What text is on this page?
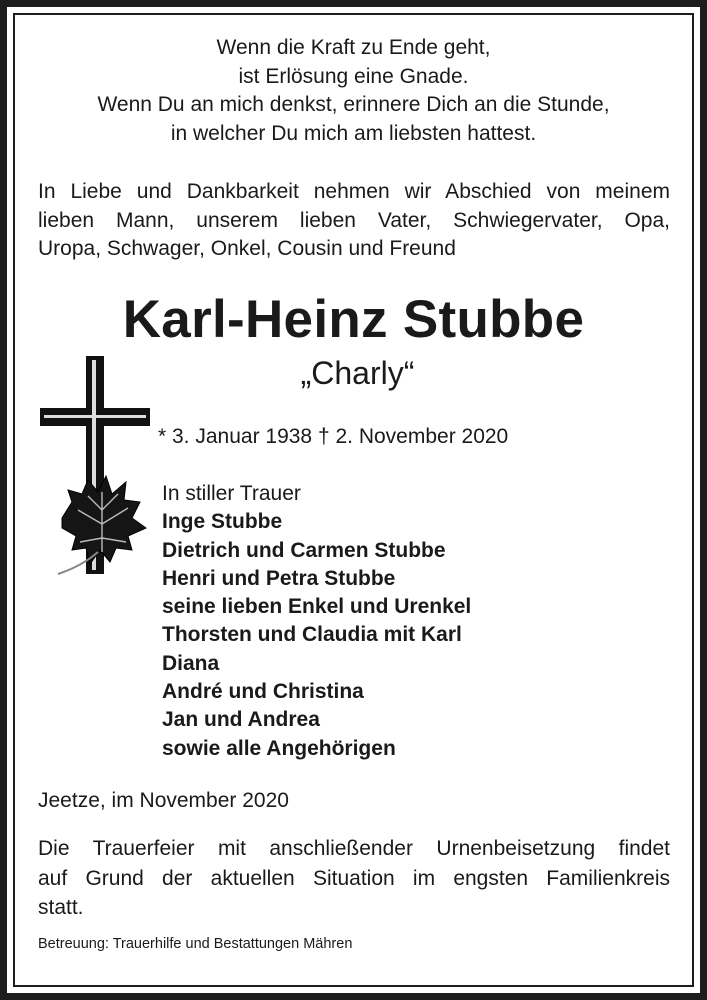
Wenn die Kraft zu Ende geht,
ist Erlösung eine Gnade.
Wenn Du an mich denkst, erinnere Dich an die Stunde,
in welcher Du mich am liebsten hattest.
In Liebe und Dankbarkeit nehmen wir Abschied von meinem
lieben Mann, unserem lieben Vater, Schwiegervater, Opa,
Uropa, Schwager, Onkel, Cousin und Freund
Karl-Heinz Stubbe
„Charly“
* 3. Januar 1938 † 2. November 2020
In stiller Trauer
Inge Stubbe
Dietrich und Carmen Stubbe
Henri und Petra Stubbe
seine lieben Enkel und Urenkel
Thorsten und Claudia mit Karl
Diana
André und Christina
Jan und Andrea
sowie alle Angehörigen
Jeetze, im November 2020
Die Trauerfeier mit anschließender Urnenbeisetzung findet
auf Grund der aktuellen Situation im engsten Familienkreis
statt.
Betreuung: Trauerhilfe und Bestattungen Mähren
